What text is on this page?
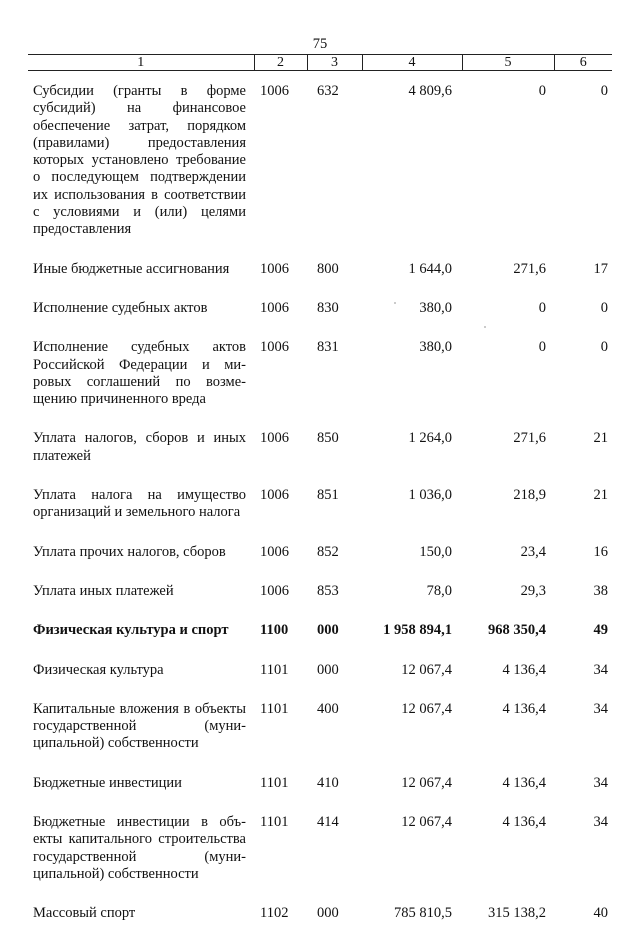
75
1	2	3	4	5	6
Субсидии (гранты в форме субсидий) на финансовое обеспечение затрат, порядком (правилами) предоставления которых установлено требование о последующем подтверждении их использования в соответствии с условиями и (или) целями предоставления	1006	632	4 809,6	0	0
Иные бюджетные ассигнования	1006	800	1 644,0	271,6	17
Исполнение судебных актов	1006	830	380,0	0	0
Исполнение судебных актов Российской Федерации и мировых соглашений по возмещению причиненного вреда	1006	831	380,0	0	0
Уплата налогов, сборов и иных платежей	1006	850	1 264,0	271,6	21
Уплата налога на имущество организаций и земельного налога	1006	851	1 036,0	218,9	21
Уплата прочих налогов, сборов	1006	852	150,0	23,4	16
Уплата иных платежей	1006	853	78,0	29,3	38
Физическая культура и спорт	1100	000	1 958 894,1	968 350,4	49
Физическая культура	1101	000	12 067,4	4 136,4	34
Капитальные вложения в объекты государственной (муниципальной) собственности	1101	400	12 067,4	4 136,4	34
Бюджетные инвестиции	1101	410	12 067,4	4 136,4	34
Бюджетные инвестиции в объекты капитального строительства государственной (муниципальной) собственности	1101	414	12 067,4	4 136,4	34
Массовый спорт	1102	000	785 810,5	315 138,2	40
